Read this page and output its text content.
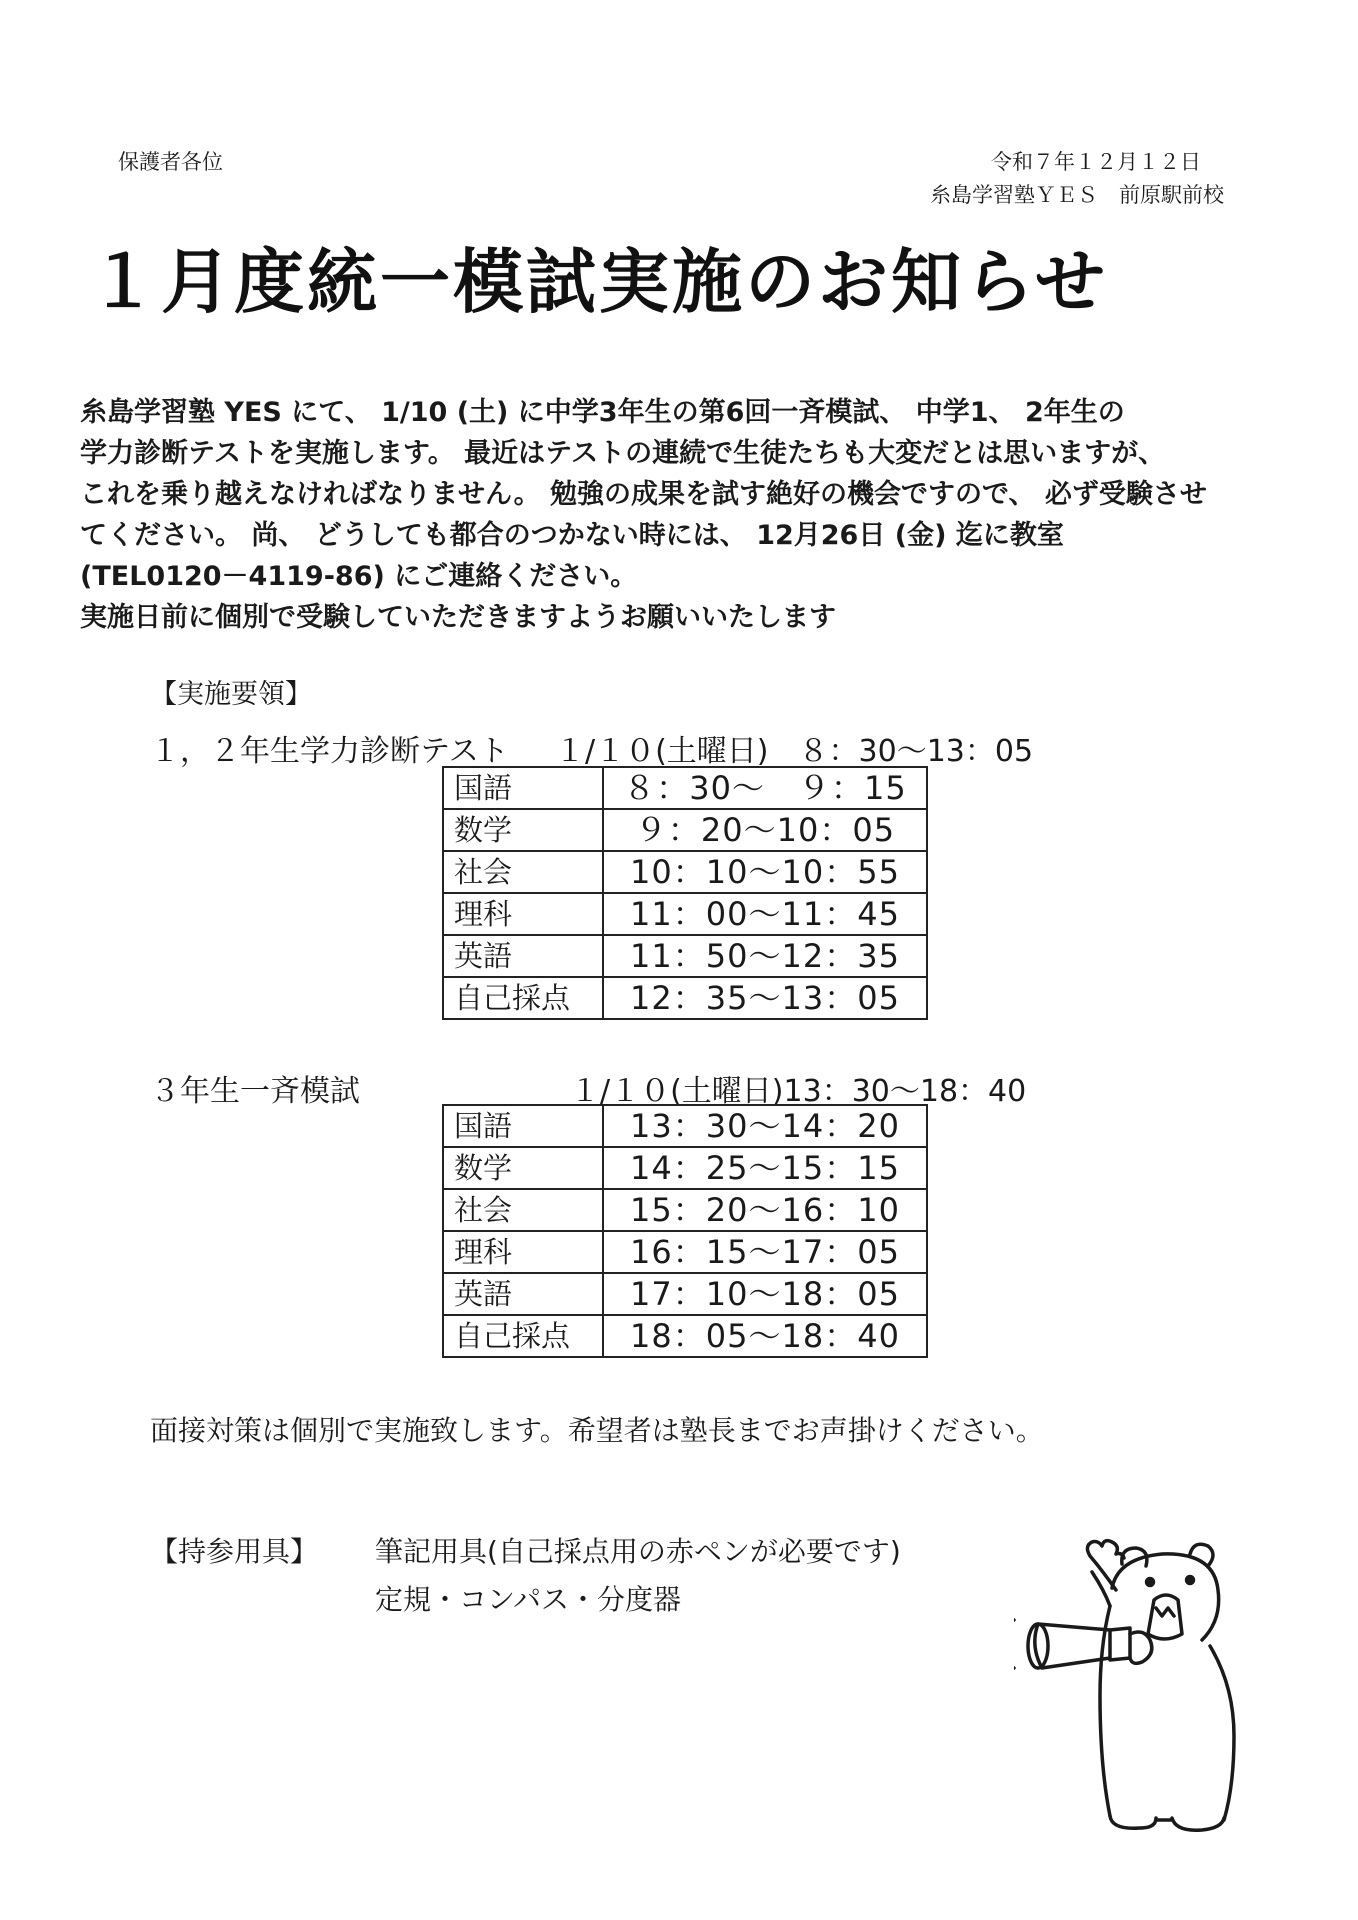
保護者各位	令和７年１２月１２日
糸島学習塾ＹＥＳ　前原駅前校
１月度統一模試実施のお知らせ
糸島学習塾 YES にて、 1/10 (土) に中学3年生の第6回一斉模試、 中学1、 2年生の
学力診断テストを実施します。 最近はテストの連続で生徒たちも大変だとは思いますが、
これを乗り越えなければなりません。 勉強の成果を試す絶好の機会ですので、 必ず受験させ
てください。 尚、 どうしても都合のつかない時には、 12月26日 (金) 迄に教室
(TEL0120－4119-86) にご連絡ください。
実施日前に個別で受験していただきますようお願いいたします
【実施要領】
１，２年生学力診断テスト １/１０(土曜日)　８：30～13：05
国語	８：30～　９：15
数学	９：20～10：05
社会	10：10～10：55
理科	11：00～11：45
英語	11：50～12：35
自己採点	12：35～13：05
３年生一斉模試	１/１０(土曜日)13：30～18：40
国語	13：30～14：20
数学	14：25～15：15
社会	15：20～16：10
理科	16：15～17：05
英語	17：10～18：05
自己採点	18：05～18：40
面接対策は個別で実施致します。希望者は塾長までお声掛けください。
【持参用具】 筆記用具(自己採点用の赤ペンが必要です)
定規・コンパス・分度器
